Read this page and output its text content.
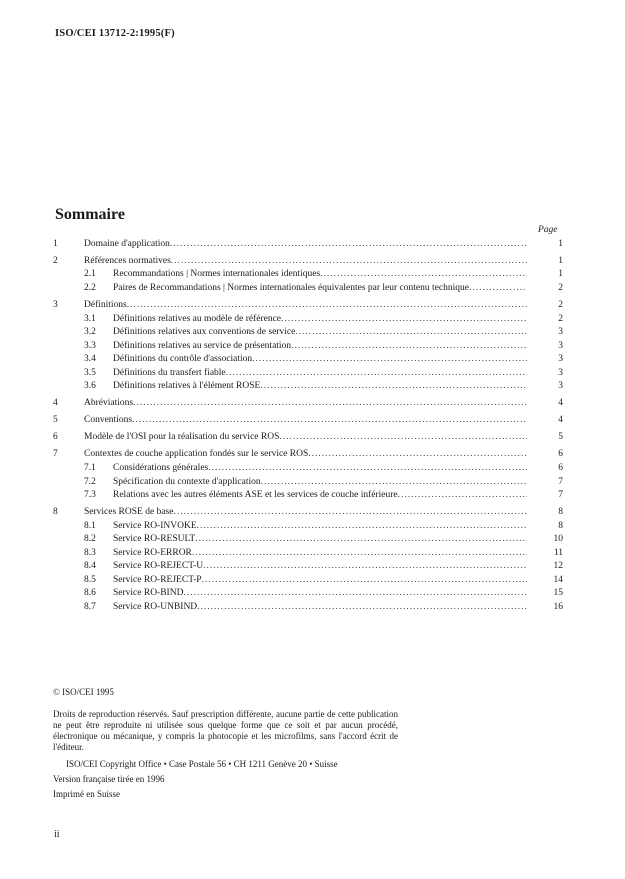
ISO/CEI 13712-2:1995(F)
Sommaire
Page
1	Domaine d'application .....	1
2	Références normatives .....	1
2.1 Recommandations | Normes internationales identiques .....	1
2.2 Paires de Recommandations | Normes internationales équivalentes par leur contenu technique .....	2
3	Définitions .....	2
3.1 Définitions relatives au modèle de référence .....	2
3.2 Définitions relatives aux conventions de service .....	3
3.3 Définitions relatives au service de présentation .....	3
3.4 Définitions du contrôle d'association .....	3
3.5 Définitions du transfert fiable .....	3
3.6 Définitions relatives à l'élément ROSE .....	3
4	Abréviations .....	4
5	Conventions .....	4
6	Modèle de l'OSI pour la réalisation du service ROS .....	5
7	Contextes de couche application fondés sur le service ROS .....	6
7.1 Considérations générales .....	6
7.2 Spécification du contexte d'application .....	7
7.3 Relations avec les autres éléments ASE et les services de couche inférieure .....	7
8	Services ROSE de base .....	8
8.1 Service RO-INVOKE .....	8
8.2 Service RO-RESULT .....	10
8.3 Service RO-ERROR .....	11
8.4 Service RO-REJECT-U .....	12
8.5 Service RO-REJECT-P .....	14
8.6 Service RO-BIND .....	15
8.7 Service RO-UNBIND .....	16

© ISO/CEI 1995

Droits de reproduction réservés. Sauf prescription différente, aucune partie de cette publication ne peut être reproduite ni utilisée sous quelque forme que ce soit et par aucun procédé, électronique ou mécanique, y compris la photocopie et les microfilms, sans l'accord écrit de l'éditeur.

ISO/CEI Copyright Office • Case Postale 56 • CH 1211 Genève 20 • Suisse

Version française tirée en 1996

Imprimé en Suisse

ii
